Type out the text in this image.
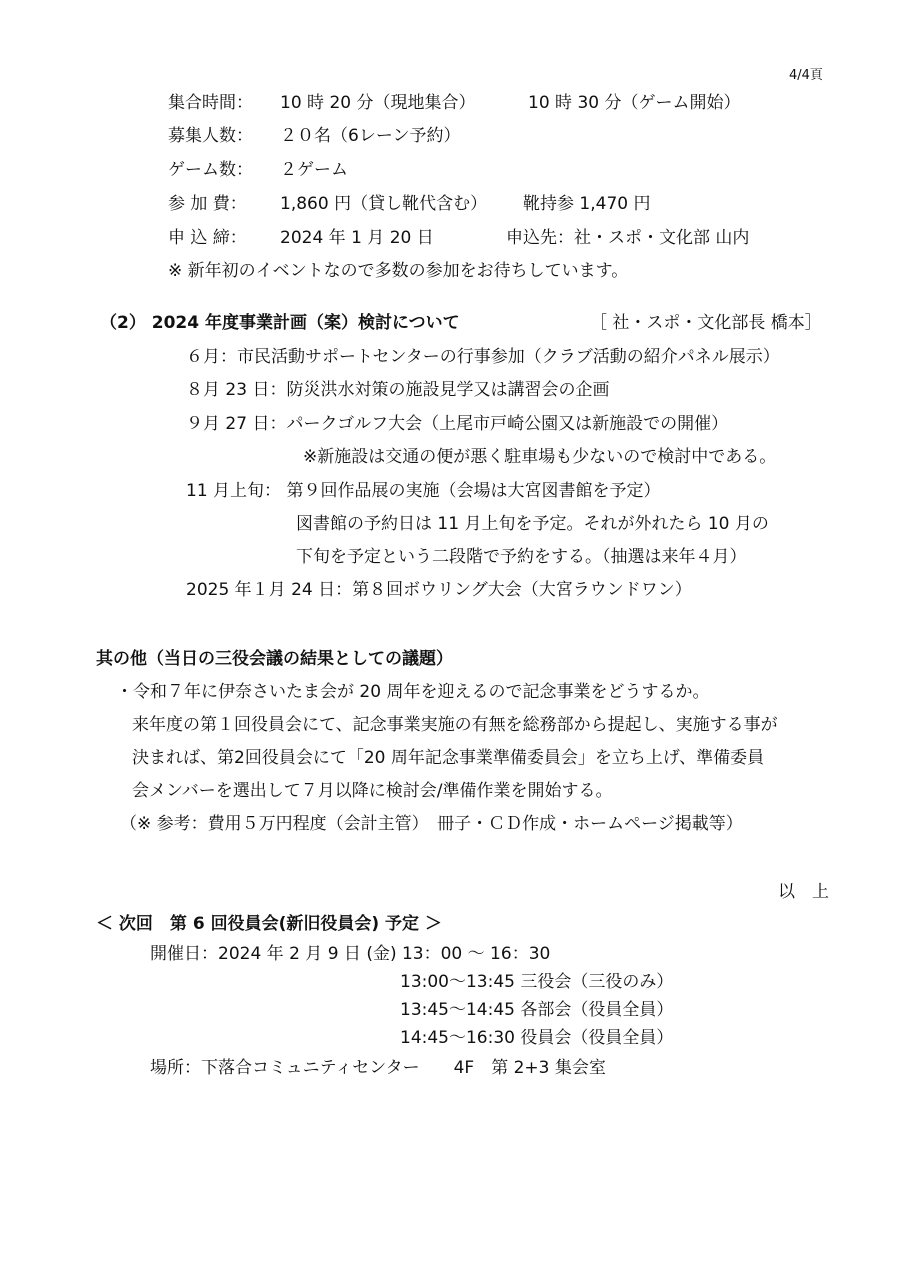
4/4頁
集合時間： 10 時 20 分（現地集合）	10 時 30 分（ゲーム開始）
募集人数： ２０名（6レーン予約）
ゲーム数： ２ゲーム
参 加 費： 1,860 円（貸し靴代含む） 靴持参 1,470 円
申 込 締： 2024 年 1 月 20 日	申込先：社・スポ・文化部 山内
※ 新年初のイベントなので多数の参加をお待ちしています。
（2） 2024 年度事業計画（案）検討について	［ 社・スポ・文化部長 橋本］
６月：市民活動サポートセンターの行事参加（クラブ活動の紹介パネル展示）
８月 23 日：防災洪水対策の施設見学又は講習会の企画
９月 27 日：パークゴルフ大会（上尾市戸崎公園又は新施設での開催）
※新施設は交通の便が悪く駐車場も少ないので検討中である。
11 月上旬： 第９回作品展の実施（会場は大宮図書館を予定）
図書館の予約日は 11 月上旬を予定。それが外れたら 10 月の
下旬を予定という二段階で予約をする。（抽選は来年４月）
2025 年１月 24 日：第８回ボウリング大会（大宮ラウンドワン）
其の他（当日の三役会議の結果としての議題）
・令和７年に伊奈さいたま会が 20 周年を迎えるので記念事業をどうするか。
来年度の第１回役員会にて、記念事業実施の有無を総務部から提起し、実施する事が
決まれば、第2回役員会にて「20 周年記念事業準備委員会」を立ち上げ、準備委員
会メンバーを選出して７月以降に検討会/準備作業を開始する。
（※ 参考：費用５万円程度（会計主管）　冊子・ＣＤ作成・ホームページ掲載等）
以　上
＜ 次回　第 6 回役員会(新旧役員会) 予定 ＞
開催日：2024 年 2 月 9 日 (金) 13：00 ～ 16：30
13:00～13:45 三役会（三役のみ）
13:45～14:45 各部会（役員全員）
14:45～16:30 役員会（役員全員）
場所：下落合コミュニティセンター　　4F　第 2+3 集会室
